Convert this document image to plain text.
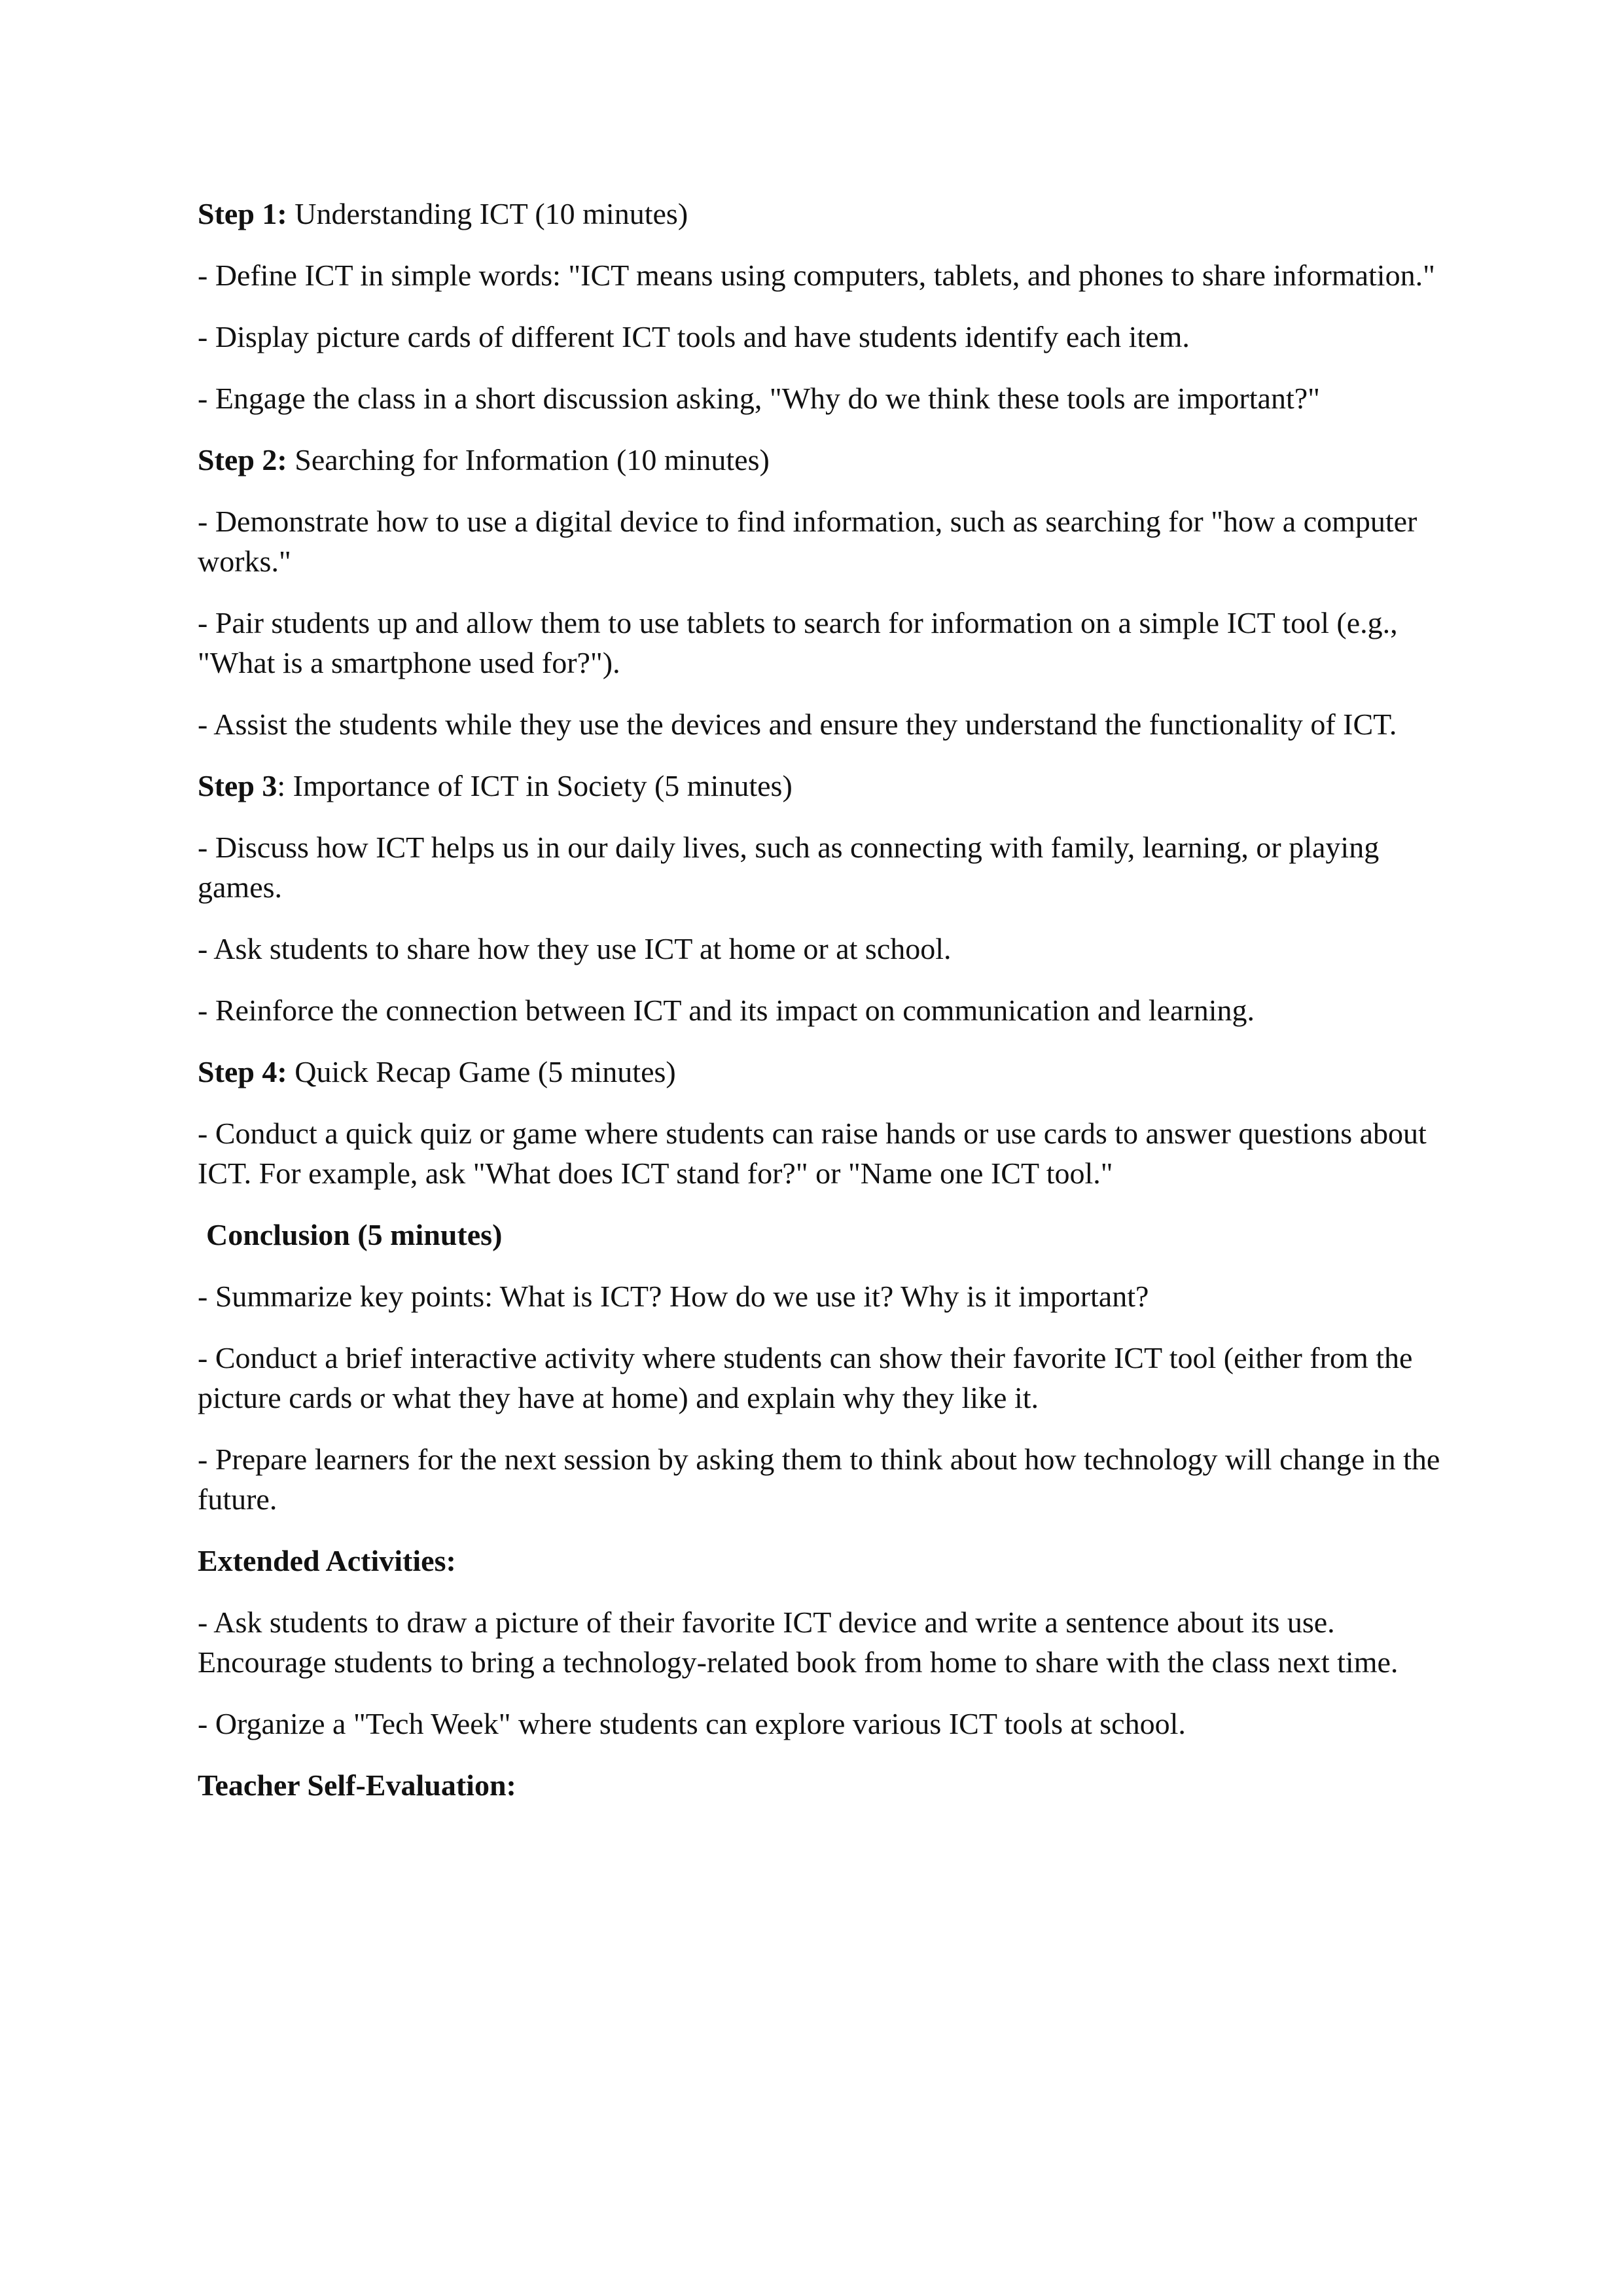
Step 1: Understanding ICT (10 minutes)

- Define ICT in simple words: "ICT means using computers, tablets, and phones to share information."

- Display picture cards of different ICT tools and have students identify each item.

- Engage the class in a short discussion asking, "Why do we think these tools are important?"

Step 2: Searching for Information (10 minutes)

- Demonstrate how to use a digital device to find information, such as searching for "how a computer works."

- Pair students up and allow them to use tablets to search for information on a simple ICT tool (e.g., "What is a smartphone used for?").

- Assist the students while they use the devices and ensure they understand the functionality of ICT.

Step 3: Importance of ICT in Society (5 minutes)

- Discuss how ICT helps us in our daily lives, such as connecting with family, learning, or playing games.

- Ask students to share how they use ICT at home or at school.

- Reinforce the connection between ICT and its impact on communication and learning.

Step 4: Quick Recap Game (5 minutes)

- Conduct a quick quiz or game where students can raise hands or use cards to answer questions about ICT. For example, ask "What does ICT stand for?" or "Name one ICT tool."

Conclusion (5 minutes)

- Summarize key points: What is ICT? How do we use it? Why is it important?

- Conduct a brief interactive activity where students can show their favorite ICT tool (either from the picture cards or what they have at home) and explain why they like it.

- Prepare learners for the next session by asking them to think about how technology will change in the future.

Extended Activities:

- Ask students to draw a picture of their favorite ICT device and write a sentence about its use. Encourage students to bring a technology-related book from home to share with the class next time.

- Organize a "Tech Week" where students can explore various ICT tools at school.

Teacher Self-Evaluation:
